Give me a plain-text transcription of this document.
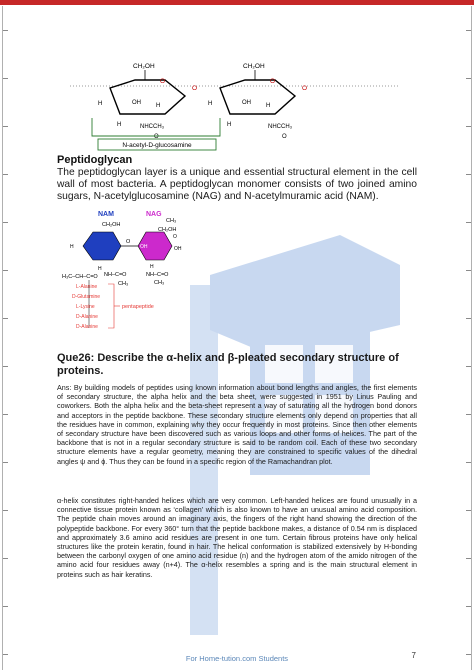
CH₂OH
O
H
OH	H
H
NHCCH₃
O
O
CH₂OH
O
H	OH	H
H	NHCCH₃
O
O
N-acetyl-D-glucosamine
Peptidoglycan
The peptidoglycan layer is a unique and essential structural element in the cell wall of most bacteria. A peptidoglycan monomer consists of two joined amino sugars, N-acetylglucosamine (NAG) and N-acetylmuramic acid (NAM).
NAM	NAG
CH₂OH
CH₃
O
CH₂OH
O
OH
OH
H
NH–C=O
CH₃
H
H
NH–C=O
CH₃
H₃C–CH–C=O
L-Alanine
D-Glutamine
L-Lysine
D-Alanine
D-Alanine
pentapeptide
Que26: Describe the α-helix and β-pleated secondary structure of proteins.
Ans: By building models of peptides using known information about bond lengths and angles, the first elements of secondary structure, the alpha helix and the beta sheet, were suggested in 1951 by Linus Pauling and coworkers. Both the alpha helix and the beta-sheet represent a way of saturating all the hydrogen bond donors and acceptors in the peptide backbone. These secondary structure elements only depend on properties that all the residues have in common, explaining why they occur frequently in most proteins. Since then other elements of secondary structure have been discovered such as various loops and other forms of helices. The part of the backbone that is not in a regular secondary structure is said to be random coil. Each of these two secondary structure elements have a regular geometry, meaning they are constrained to specific values of the dihedral angles ψ and ϕ. Thus they can be found in a specific region of the Ramachandran plot.
α-helix constitutes right-handed helices which are very common. Left-handed helices are found unusually in a connective tissue protein known as ‘collagen’ which is also known to have an unusual amino acid composition. The peptide chain moves around an imaginary axis, the fingers of the right hand showing the direction of the polypeptide backbone. For every 360° turn that the peptide backbone makes, a distance of 0.54 nm is displaced and approximately 3.6 amino acid residues are present in one turn. Certain fibrous proteins have only helical structures like the protein keratin, found in hair. The helical conformation is stabilized extensively by H-bonding between the carbonyl oxygen of one amino acid residue (n) and the hydrogen atom of the amido nitrogen of the amino acid four residues away (n+4). The α-helix resembles a spring and is the main structural element in proteins such as hair keratins.
For Home-tution.com Students	7
